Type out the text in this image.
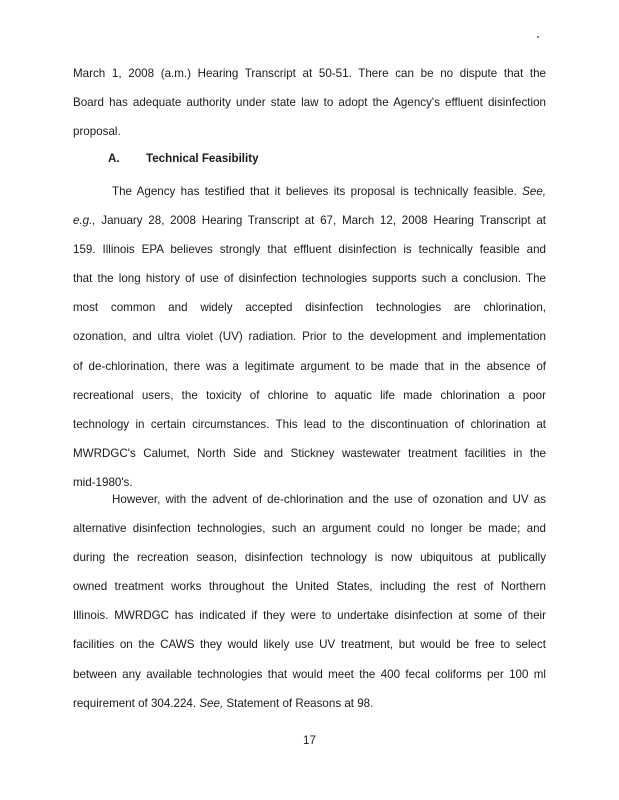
March 1, 2008 (a.m.) Hearing Transcript at 50-51. There can be no dispute that the
Board has adequate authority under state law to adopt the Agency's effluent disinfection
proposal.
A. Technical Feasibility
The Agency has testified that it believes its proposal is technically feasible. See,
e.g., January 28, 2008 Hearing Transcript at 67, March 12, 2008 Hearing Transcript at
159. Illinois EPA believes strongly that effluent disinfection is technically feasible and
that the long history of use of disinfection technologies supports such a conclusion. The
most common and widely accepted disinfection technologies are chlorination,
ozonation, and ultra violet (UV) radiation. Prior to the development and implementation
of de-chlorination, there was a legitimate argument to be made that in the absence of
recreational users, the toxicity of chlorine to aquatic life made chlorination a poor
technology in certain circumstances. This lead to the discontinuation of chlorination at
MWRDGC's Calumet, North Side and Stickney wastewater treatment facilities in the
mid-1980's.
However, with the advent of de-chlorination and the use of ozonation and UV as
alternative disinfection technologies, such an argument could no longer be made; and
during the recreation season, disinfection technology is now ubiquitous at publically
owned treatment works throughout the United States, including the rest of Northern
Illinois. MWRDGC has indicated if they were to undertake disinfection at some of their
facilities on the CAWS they would likely use UV treatment, but would be free to select
between any available technologies that would meet the 400 fecal coliforms per 100 ml
requirement of 304.224. See, Statement of Reasons at 98.
17
